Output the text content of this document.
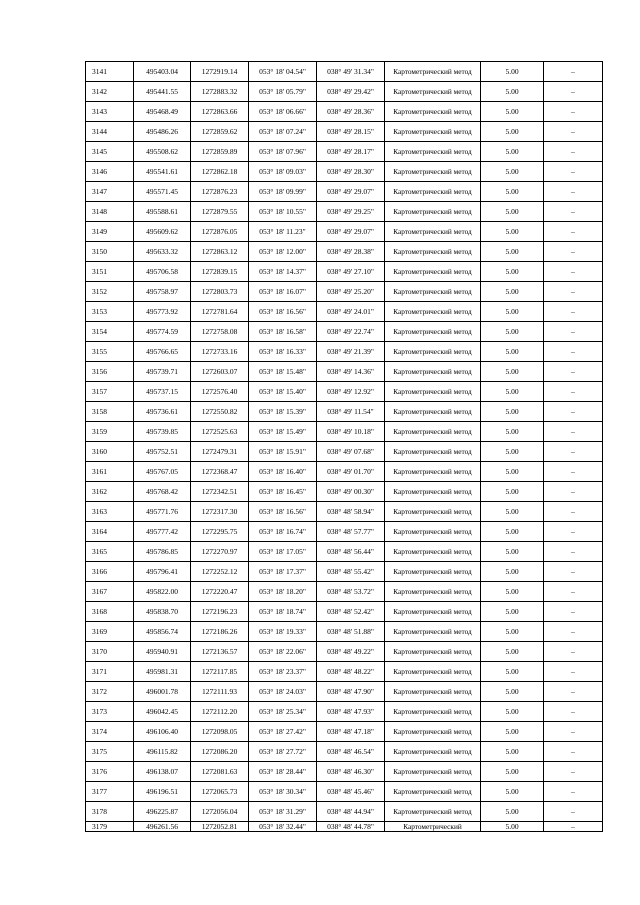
3141	495403.04	1272919.14	053° 18' 04.54"	038° 49' 31.34"	Картометрический метод	5.00	–
3142	495441.55	1272883.32	053° 18' 05.79"	038° 49' 29.42"	Картометрический метод	5.00	–
3143	495468.49	1272863.66	053° 18' 06.66"	038° 49' 28.36"	Картометрический метод	5.00	–
3144	495486.26	1272859.62	053° 18' 07.24"	038° 49' 28.15"	Картометрический метод	5.00	–
3145	495508.62	1272859.89	053° 18' 07.96"	038° 49' 28.17"	Картометрический метод	5.00	–
3146	495541.61	1272862.18	053° 18' 09.03"	038° 49' 28.30"	Картометрический метод	5.00	–
3147	495571.45	1272876.23	053° 18' 09.99"	038° 49' 29.07"	Картометрический метод	5.00	–
3148	495588.61	1272879.55	053° 18' 10.55"	038° 49' 29.25"	Картометрический метод	5.00	–
3149	495609.62	1272876.05	053° 18' 11.23"	038° 49' 29.07"	Картометрический метод	5.00	–
3150	495633.32	1272863.12	053° 18' 12.00"	038° 49' 28.38"	Картометрический метод	5.00	–
3151	495706.58	1272839.15	053° 18' 14.37"	038° 49' 27.10"	Картометрический метод	5.00	–
3152	495758.97	1272803.73	053° 18' 16.07"	038° 49' 25.20"	Картометрический метод	5.00	–
3153	495773.92	1272781.64	053° 18' 16.56"	038° 49' 24.01"	Картометрический метод	5.00	–
3154	495774.59	1272758.08	053° 18' 16.58"	038° 49' 22.74"	Картометрический метод	5.00	–
3155	495766.65	1272733.16	053° 18' 16.33"	038° 49' 21.39"	Картометрический метод	5.00	–
3156	495739.71	1272603.07	053° 18' 15.48"	038° 49' 14.36"	Картометрический метод	5.00	–
3157	495737.15	1272576.40	053° 18' 15.40"	038° 49' 12.92"	Картометрический метод	5.00	–
3158	495736.61	1272550.82	053° 18' 15.39"	038° 49' 11.54"	Картометрический метод	5.00	–
3159	495739.85	1272525.63	053° 18' 15.49"	038° 49' 10.18"	Картометрический метод	5.00	–
3160	495752.51	1272479.31	053° 18' 15.91"	038° 49' 07.68"	Картометрический метод	5.00	–
3161	495767.05	1272368.47	053° 18' 16.40"	038° 49' 01.70"	Картометрический метод	5.00	–
3162	495768.42	1272342.51	053° 18' 16.45"	038° 49' 00.30"	Картометрический метод	5.00	–
3163	495771.76	1272317.30	053° 18' 16.56"	038° 48' 58.94"	Картометрический метод	5.00	–
3164	495777.42	1272295.75	053° 18' 16.74"	038° 48' 57.77"	Картометрический метод	5.00	–
3165	495786.85	1272270.97	053° 18' 17.05"	038° 48' 56.44"	Картометрический метод	5.00	–
3166	495796.41	1272252.12	053° 18' 17.37"	038° 48' 55.42"	Картометрический метод	5.00	–
3167	495822.00	1272220.47	053° 18' 18.20"	038° 48' 53.72"	Картометрический метод	5.00	–
3168	495838.70	1272196.23	053° 18' 18.74"	038° 48' 52.42"	Картометрический метод	5.00	–
3169	495856.74	1272186.26	053° 18' 19.33"	038° 48' 51.88"	Картометрический метод	5.00	–
3170	495940.91	1272136.57	053° 18' 22.06"	038° 48' 49.22"	Картометрический метод	5.00	–
3171	495981.31	1272117.85	053° 18' 23.37"	038° 48' 48.22"	Картометрический метод	5.00	–
3172	496001.78	1272111.93	053° 18' 24.03"	038° 48' 47.90"	Картометрический метод	5.00	–
3173	496042.45	1272112.20	053° 18' 25.34"	038° 48' 47.93"	Картометрический метод	5.00	–
3174	496106.40	1272098.05	053° 18' 27.42"	038° 48' 47.18"	Картометрический метод	5.00	–
3175	496115.82	1272086.20	053° 18' 27.72"	038° 48' 46.54"	Картометрический метод	5.00	–
3176	496138.07	1272081.63	053° 18' 28.44"	038° 48' 46.30"	Картометрический метод	5.00	–
3177	496196.51	1272065.73	053° 18' 30.34"	038° 48' 45.46"	Картометрический метод	5.00	–
3178	496225.87	1272056.04	053° 18' 31.29"	038° 48' 44.94"	Картометрический метод	5.00	–
3179	496261.56	1272052.81	053° 18' 32.44"	038° 48' 44.78"	Картометрический	5.00	–
